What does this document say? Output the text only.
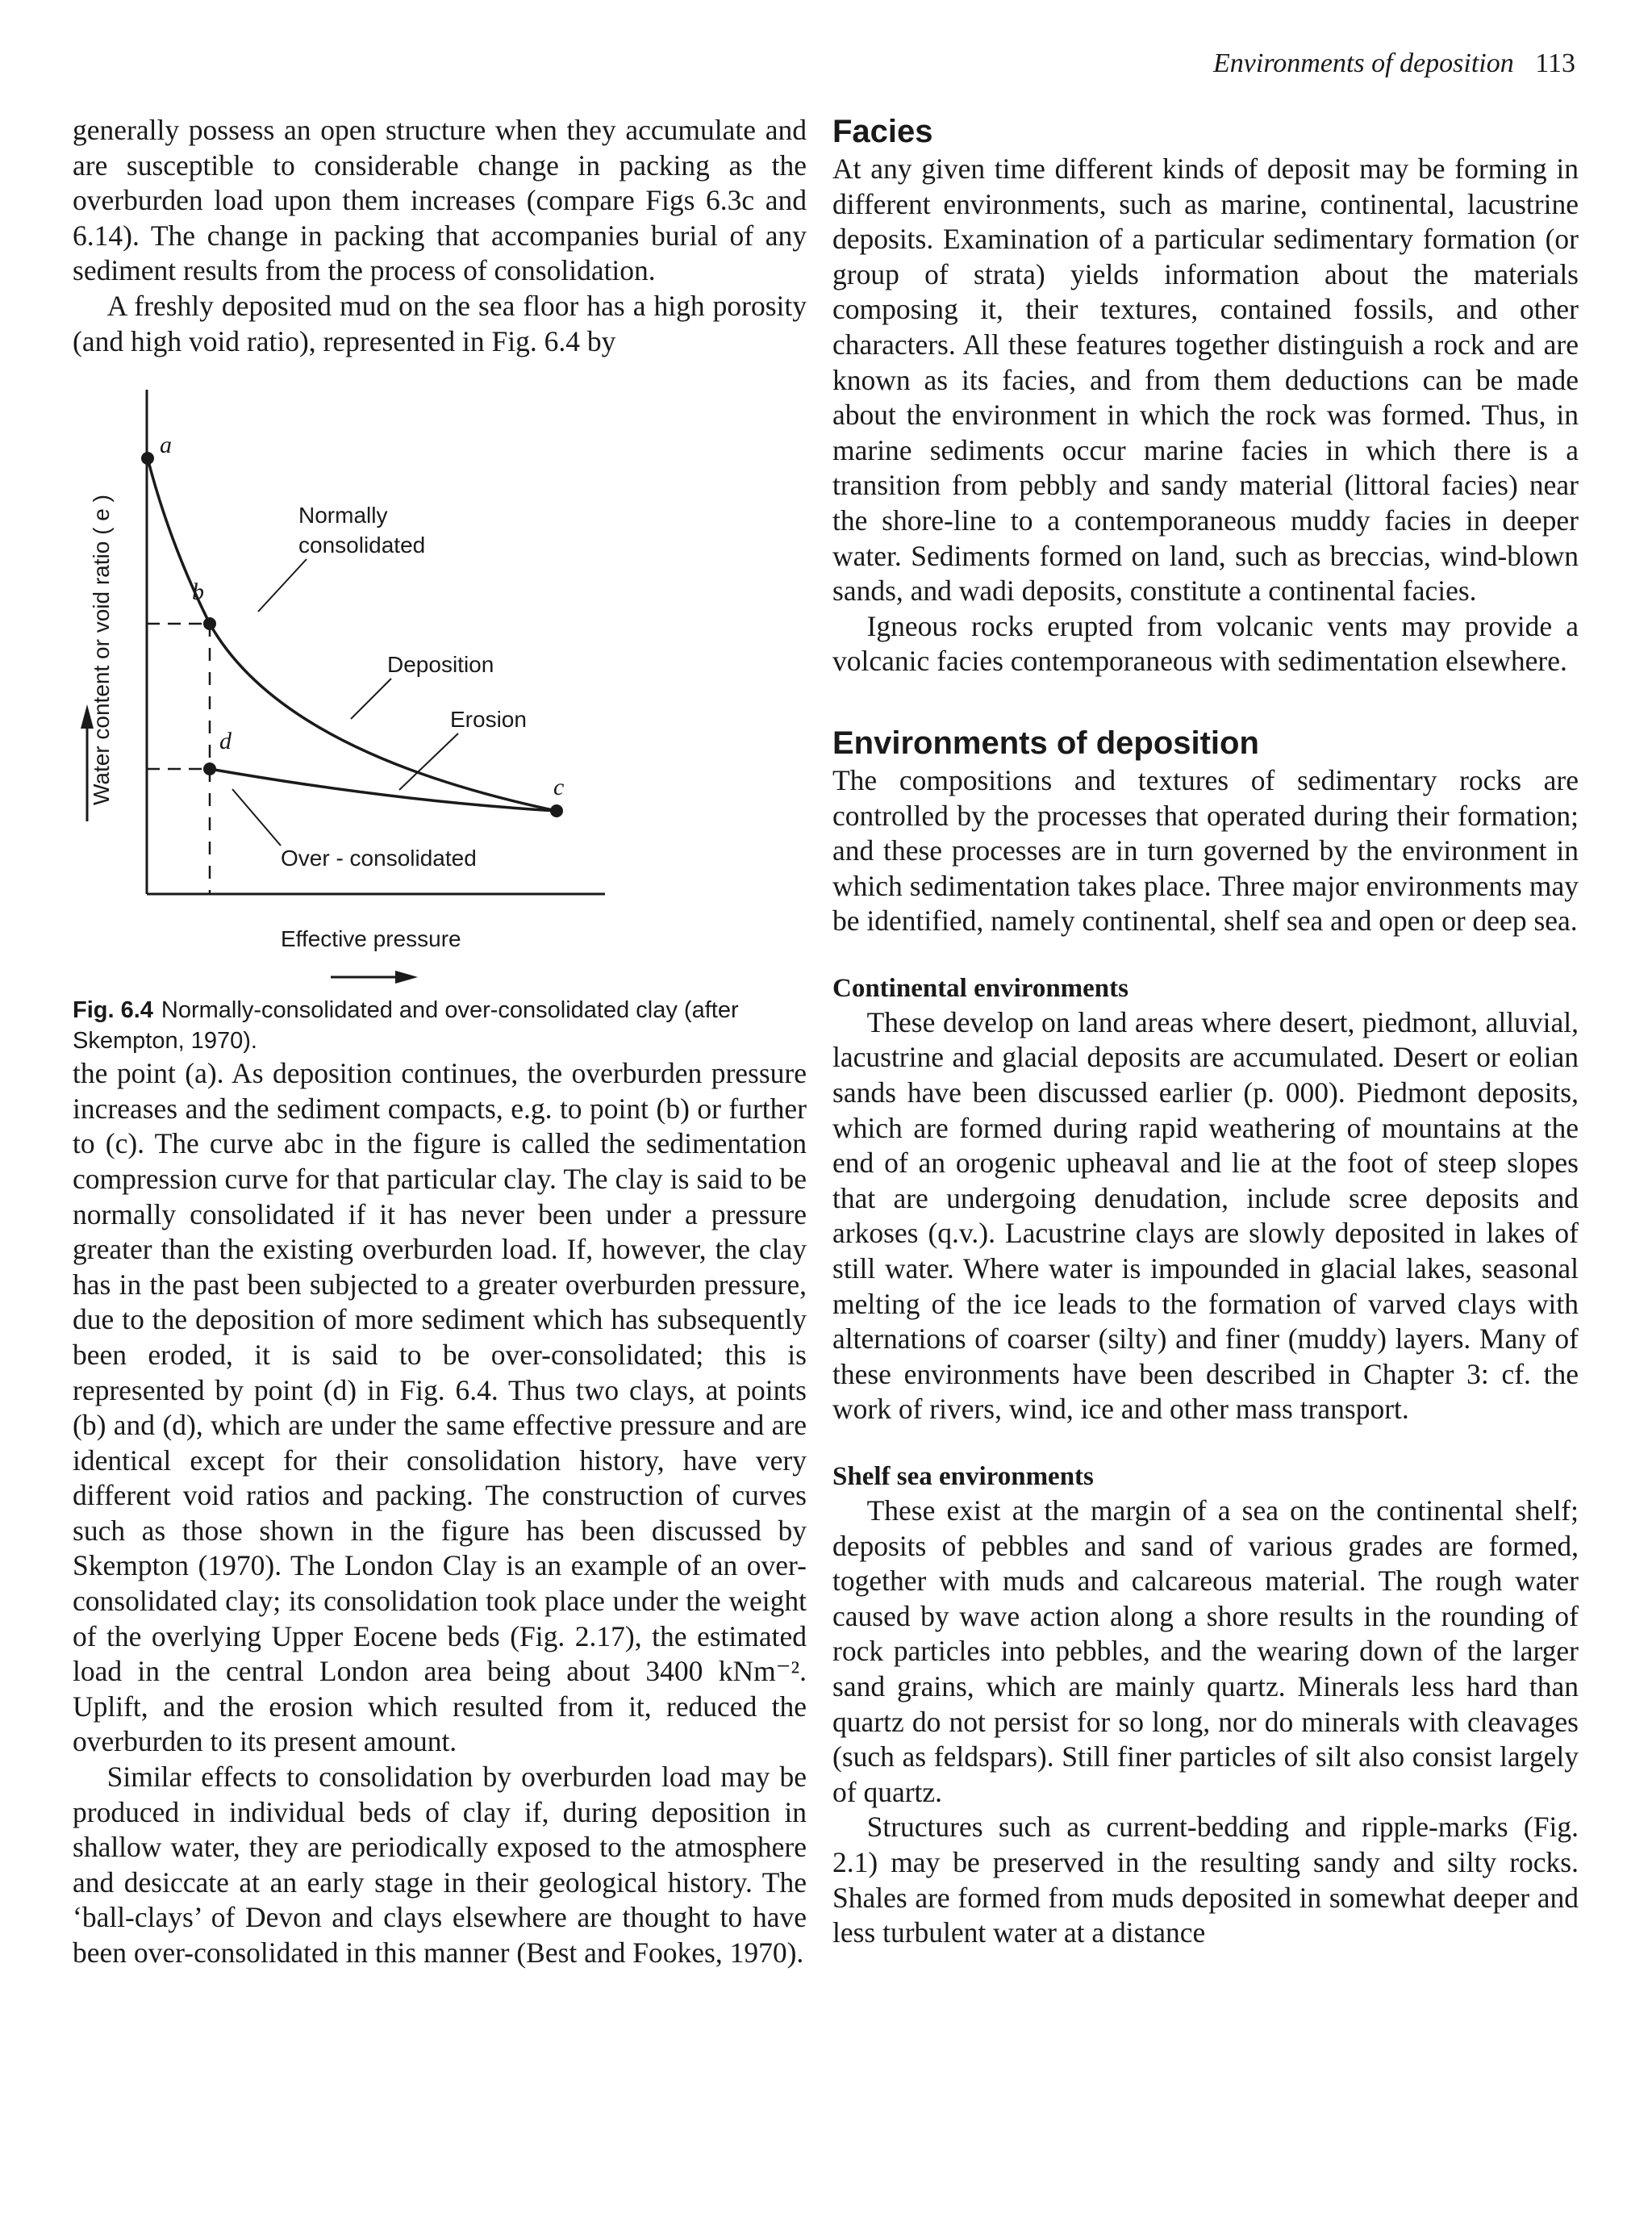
Environments of deposition 113

generally possess an open structure when they accumulate and are susceptible to considerable change in packing as the overburden load upon them increases (compare Figs 6.3c and 6.14). The change in packing that accompanies burial of any sediment results from the process of consolidation.

A freshly deposited mud on the sea floor has a high porosity (and high void ratio), represented in Fig. 6.4 by

Water content or void ratio ( e )
a
b
c
d
Normally
consolidated
Deposition
Erosion
Over - consolidated
Effective pressure

Fig. 6.4 Normally-consolidated and over-consolidated clay (after Skempton, 1970).

the point (a). As deposition continues, the overburden pressure increases and the sediment compacts, e.g. to point (b) or further to (c). The curve abc in the figure is called the sedimentation compression curve for that particular clay. The clay is said to be normally consolidated if it has never been under a pressure greater than the existing overburden load. If, however, the clay has in the past been subjected to a greater overburden pressure, due to the deposition of more sediment which has subsequently been eroded, it is said to be over-consolidated; this is represented by point (d) in Fig. 6.4. Thus two clays, at points (b) and (d), which are under the same effective pressure and are identical except for their consolidation history, have very different void ratios and packing. The construction of curves such as those shown in the figure has been discussed by Skempton (1970). The London Clay is an example of an over-consolidated clay; its consolidation took place under the weight of the overlying Upper Eocene beds (Fig. 2.17), the estimated load in the central London area being about 3400 kNm⁻². Uplift, and the erosion which resulted from it, reduced the overburden to its present amount.

Similar effects to consolidation by overburden load may be produced in individual beds of clay if, during deposition in shallow water, they are periodically exposed to the atmosphere and desiccate at an early stage in their geological history. The ‘ball-clays’ of Devon and clays elsewhere are thought to have been over-consolidated in this manner (Best and Fookes, 1970).

Facies

At any given time different kinds of deposit may be forming in different environments, such as marine, continental, lacustrine deposits. Examination of a particular sedimentary formation (or group of strata) yields information about the materials composing it, their textures, contained fossils, and other characters. All these features together distinguish a rock and are known as its facies, and from them deductions can be made about the environment in which the rock was formed. Thus, in marine sediments occur marine facies in which there is a transition from pebbly and sandy material (littoral facies) near the shore-line to a contemporaneous muddy facies in deeper water. Sediments formed on land, such as breccias, wind-blown sands, and wadi deposits, constitute a continental facies.

Igneous rocks erupted from volcanic vents may provide a volcanic facies contemporaneous with sedimentation elsewhere.

Environments of deposition

The compositions and textures of sedimentary rocks are controlled by the processes that operated during their formation; and these processes are in turn governed by the environment in which sedimentation takes place. Three major environments may be identified, namely continental, shelf sea and open or deep sea.

Continental environments

These develop on land areas where desert, piedmont, alluvial, lacustrine and glacial deposits are accumulated. Desert or eolian sands have been discussed earlier (p. 000). Piedmont deposits, which are formed during rapid weathering of mountains at the end of an orogenic upheaval and lie at the foot of steep slopes that are undergoing denudation, include scree deposits and arkoses (q.v.). Lacustrine clays are slowly deposited in lakes of still water. Where water is impounded in glacial lakes, seasonal melting of the ice leads to the formation of varved clays with alternations of coarser (silty) and finer (muddy) layers. Many of these environments have been described in Chapter 3: cf. the work of rivers, wind, ice and other mass transport.

Shelf sea environments

These exist at the margin of a sea on the continental shelf; deposits of pebbles and sand of various grades are formed, together with muds and calcareous material. The rough water caused by wave action along a shore results in the rounding of rock particles into pebbles, and the wearing down of the larger sand grains, which are mainly quartz. Minerals less hard than quartz do not persist for so long, nor do minerals with cleavages (such as feldspars). Still finer particles of silt also consist largely of quartz.

Structures such as current-bedding and ripple-marks (Fig. 2.1) may be preserved in the resulting sandy and silty rocks. Shales are formed from muds deposited in somewhat deeper and less turbulent water at a distance
